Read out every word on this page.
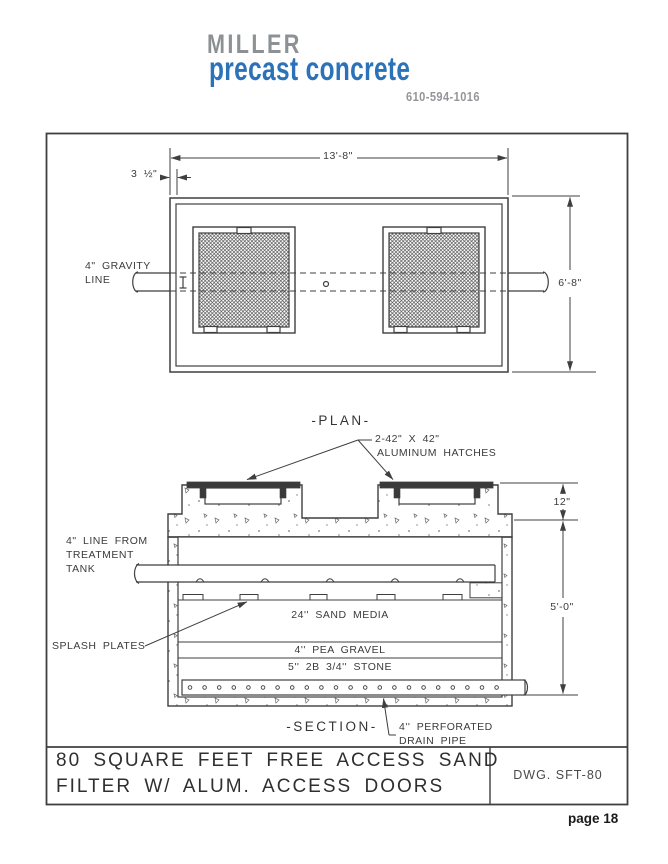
MILLER
precast concrete
610-594-1016
13'-8"
3 ½"
6'-8"
4" GRAVITY
LINE
-PLAN-
2-42" X 42"
ALUMINUM HATCHES
12"
5'-0"
4" LINE FROM
TREATMENT
TANK
SPLASH PLATES
24'' SAND MEDIA
4'' PEA GRAVEL
5'' 2B 3/4'' STONE
-SECTION-	4'' PERFORATED
DRAIN PIPE
80 SQUARE FEET FREE ACCESS SAND
FILTER W/ ALUM. ACCESS DOORS
DWG. SFT-80
page 18
